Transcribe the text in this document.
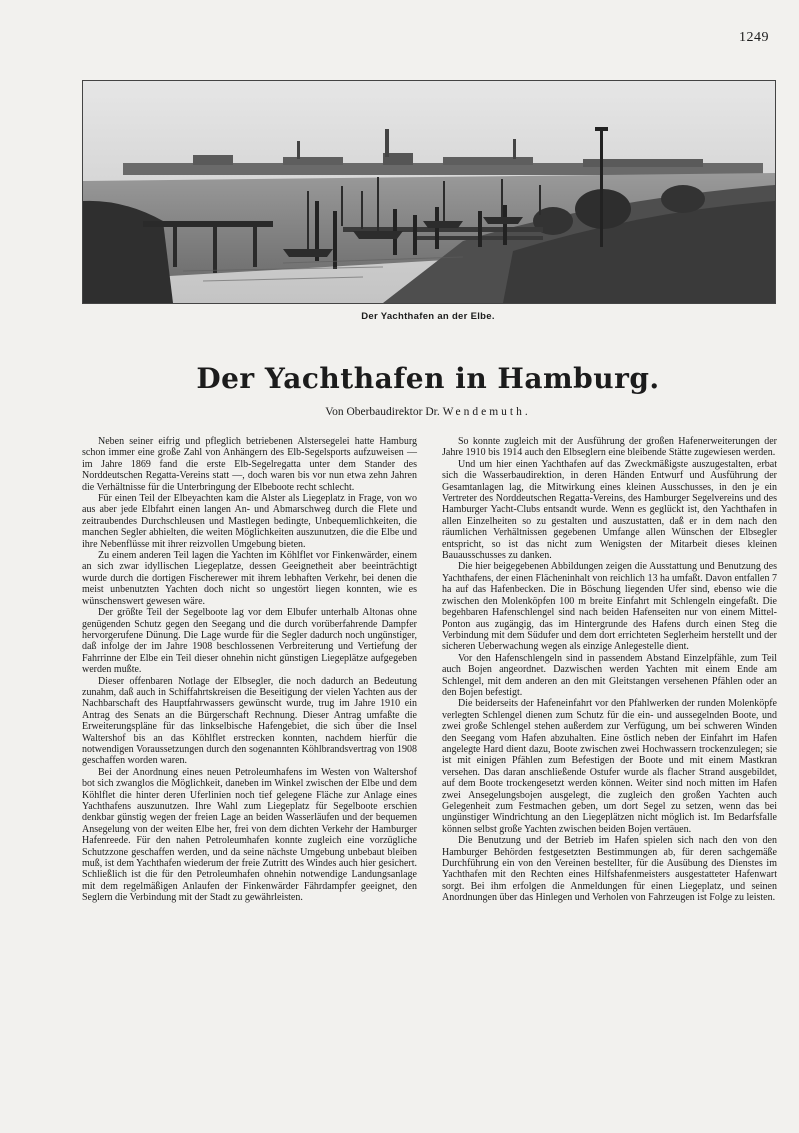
1249
Der Yachthafen an der Elbe.
Der Yachthafen in Hamburg.
Von Oberbaudirektor Dr. Wendemuth.

Neben seiner eifrig und pfleglich betriebenen Alstersegelei hatte Hamburg schon immer eine große Zahl von Anhängern des Elb-Segelsports aufzuweisen — im Jahre 1869 fand die erste Elb-Segelregatta unter dem Stander des Norddeutschen Regatta-Vereins statt —, doch waren bis vor nun etwa zehn Jahren die Verhältnisse für die Unterbringung der Elbeboote recht schlecht.

Für einen Teil der Elbeyachten kam die Alster als Liegeplatz in Frage, von wo aus aber jede Elbfahrt einen langen An- und Abmarschweg durch die Flete und zeitraubendes Durchschleusen und Mastlegen bedingte, Unbequemlichkeiten, die manchen Segler abhielten, die weiten Möglichkeiten auszunutzen, die die Elbe und ihre Nebenflüsse mit ihrer reizvollen Umgebung bieten.

Zu einem anderen Teil lagen die Yachten im Köhlflet vor Finkenwärder, einem an sich zwar idyllischen Liegeplatze, dessen Geeignetheit aber beeinträchtigt wurde durch die dortigen Fischerewer mit ihrem lebhaften Verkehr, bei denen die meist unbenutzten Yachten doch nicht so ungestört liegen konnten, wie es wünschenswert gewesen wäre.

Der größte Teil der Segelboote lag vor dem Elbufer unterhalb Altonas ohne genügenden Schutz gegen den Seegang und die durch vorüberfahrende Dampfer hervorgerufene Dünung. Die Lage wurde für die Segler dadurch noch ungünstiger, daß infolge der im Jahre 1908 beschlossenen Verbreiterung und Vertiefung der Fahrrinne der Elbe ein Teil dieser ohnehin nicht günstigen Liegeplätze aufgegeben werden mußte.

Dieser offenbaren Notlage der Elbsegler, die noch dadurch an Bedeutung zunahm, daß auch in Schiffahrtskreisen die Beseitigung der vielen Yachten aus der Nachbarschaft des Hauptfahrwassers gewünscht wurde, trug im Jahre 1910 ein Antrag des Senats an die Bürgerschaft Rechnung. Dieser Antrag umfaßte die Erweiterungspläne für das linkselbische Hafengebiet, die sich über die Insel Waltershof bis an das Köhlflet erstrecken konnten, nachdem hierfür die notwendigen Voraussetzungen durch den sogenannten Köhlbrandsvertrag von 1908 geschaffen worden waren.

Bei der Anordnung eines neuen Petroleumhafens im Westen von Waltershof bot sich zwanglos die Möglichkeit, daneben im Winkel zwischen der Elbe und dem Köhlflet die hinter deren Uferlinien noch tief gelegene Fläche zur Anlage eines Yachthafens auszunutzen. Ihre Wahl zum Liegeplatz für Segelboote erschien denkbar günstig wegen der freien Lage an beiden Wasserläufen und der bequemen Ansegelung von der weiten Elbe her, frei von dem dichten Verkehr der Hamburger Hafenreede. Für den nahen Petroleumhafen konnte zugleich eine vorzügliche Schutzzone geschaffen werden, und da seine nächste Umgebung unbebaut bleiben muß, ist dem Yachthafen wiederum der freie Zutritt des Windes auch hier gesichert. Schließlich ist die für den Petroleumhafen ohnehin notwendige Landungsanlage mit dem regelmäßigen Anlaufen der Finkenwärder Fährdampfer geeignet, den Seglern die Verbindung mit der Stadt zu gewährleisten.

So konnte zugleich mit der Ausführung der großen Hafenerweiterungen der Jahre 1910 bis 1914 auch den Elbseglern eine bleibende Stätte zugewiesen werden.

Und um hier einen Yachthafen auf das Zweckmäßigste auszugestalten, erbat sich die Wasserbaudirektion, in deren Händen Entwurf und Ausführung der Gesamtanlagen lag, die Mitwirkung eines kleinen Ausschusses, in den je ein Vertreter des Norddeutschen Regatta-Vereins, des Hamburger Segelvereins und des Hamburger Yacht-Clubs entsandt wurde. Wenn es geglückt ist, den Yachthafen in allen Einzelheiten so zu gestalten und auszustatten, daß er in dem nach den räumlichen Verhältnissen gegebenen Umfange allen Wünschen der Elbsegler entspricht, so ist das nicht zum Wenigsten der Mitarbeit dieses kleinen Bauausschusses zu danken.

Die hier beigegebenen Abbildungen zeigen die Ausstattung und Benutzung des Yachthafens, der einen Flächeninhalt von reichlich 13 ha umfaßt. Davon entfallen 7 ha auf das Hafenbecken. Die in Böschung liegenden Ufer sind, ebenso wie die zwischen den Molenköpfen 100 m breite Einfahrt mit Schlengeln eingefaßt. Die begehbaren Hafenschlengel sind nach beiden Hafenseiten nur von einem Mittel-Ponton aus zugängig, das im Hintergrunde des Hafens durch einen Steg die Verbindung mit dem Südufer und dem dort errichteten Seglerheim herstellt und der sicheren Ueberwachung wegen als einzige Anlegestelle dient.

Vor den Hafenschlengeln sind in passendem Abstand Einzelpfähle, zum Teil auch Bojen angeordnet. Dazwischen werden Yachten mit einem Ende am Schlengel, mit dem anderen an den mit Gleitstangen versehenen Pfählen oder an den Bojen befestigt.

Die beiderseits der Hafeneinfahrt vor den Pfahlwerken der runden Molenköpfe verlegten Schlengel dienen zum Schutz für die ein- und aussegelnden Boote, und zwei große Schlengel stehen außerdem zur Verfügung, um bei schweren Winden den Seegang vom Hafen abzuhalten. Eine östlich neben der Einfahrt im Hafen angelegte Hard dient dazu, Boote zwischen zwei Hochwassern trockenzulegen; sie ist mit einigen Pfählen zum Befestigen der Boote und mit einem Mastkran versehen. Das daran anschließende Ostufer wurde als flacher Strand ausgebildet, auf dem Boote trockengesetzt werden können. Weiter sind noch mitten im Hafen zwei Ansegelungsbojen ausgelegt, die zugleich den großen Yachten auch Gelegenheit zum Festmachen geben, um dort Segel zu setzen, wenn das bei ungünstiger Windrichtung an den Liegeplätzen nicht möglich ist. Im Bedarfsfalle können selbst große Yachten zwischen beiden Bojen vertäuen.

Die Benutzung und der Betrieb im Hafen spielen sich nach den von den Hamburger Behörden festgesetzten Bestimmungen ab, für deren sachgemäße Durchführung ein von den Vereinen bestellter, für die Ausübung des Dienstes im Yachthafen mit den Rechten eines Hilfshafenmeisters ausgestatteter Hafenwart sorgt. Bei ihm erfolgen die Anmeldungen für einen Liegeplatz, und seinen Anordnungen über das Hinlegen und Verholen von Fahrzeugen ist Folge zu leisten.
